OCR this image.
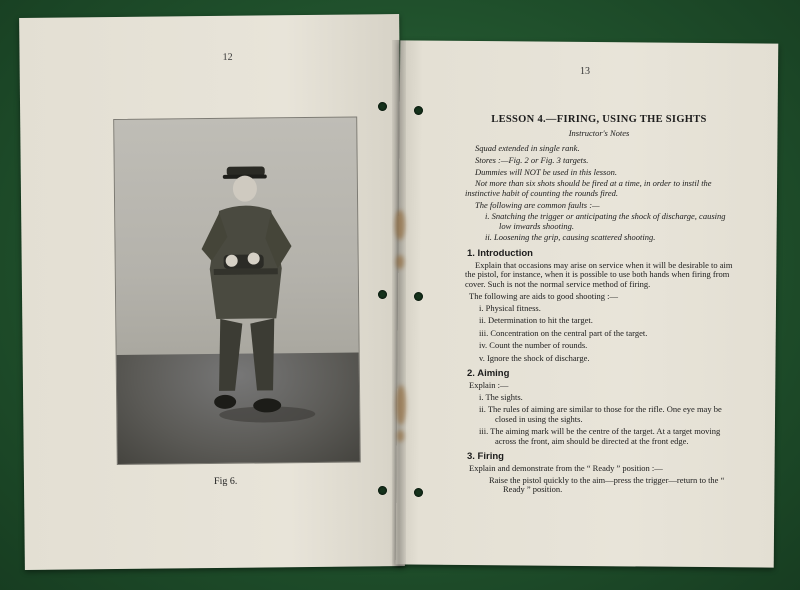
12
Fig 6.
13
LESSON 4.—FIRING, USING THE SIGHTS
Instructor's Notes
Squad extended in single rank.
Stores :—Fig. 2 or Fig. 3 targets.
Dummies will NOT be used in this lesson.
Not more than six shots should be fired at a time, in order to instil the instinctive habit of counting the rounds fired.
The following are common faults :—
i. Snatching the trigger or anticipating the shock of discharge, causing low inwards shooting.
ii. Loosening the grip, causing scattered shooting.
1. Introduction
Explain that occasions may arise on service when it will be desirable to aim the pistol, for instance, when it is possible to use both hands when firing from cover. Such is not the normal service method of firing.
The following are aids to good shooting :—
i. Physical fitness.
ii. Determination to hit the target.
iii. Concentration on the central part of the target.
iv. Count the number of rounds.
v. Ignore the shock of discharge.
2. Aiming
Explain :—
i. The sights.
ii. The rules of aiming are similar to those for the rifle. One eye may be closed in using the sights.
iii. The aiming mark will be the centre of the target. At a target moving across the front, aim should be directed at the front edge.
3. Firing
Explain and demonstrate from the “ Ready ” position :—
Raise the pistol quickly to the aim—press the trigger—return to the “ Ready ” position.
